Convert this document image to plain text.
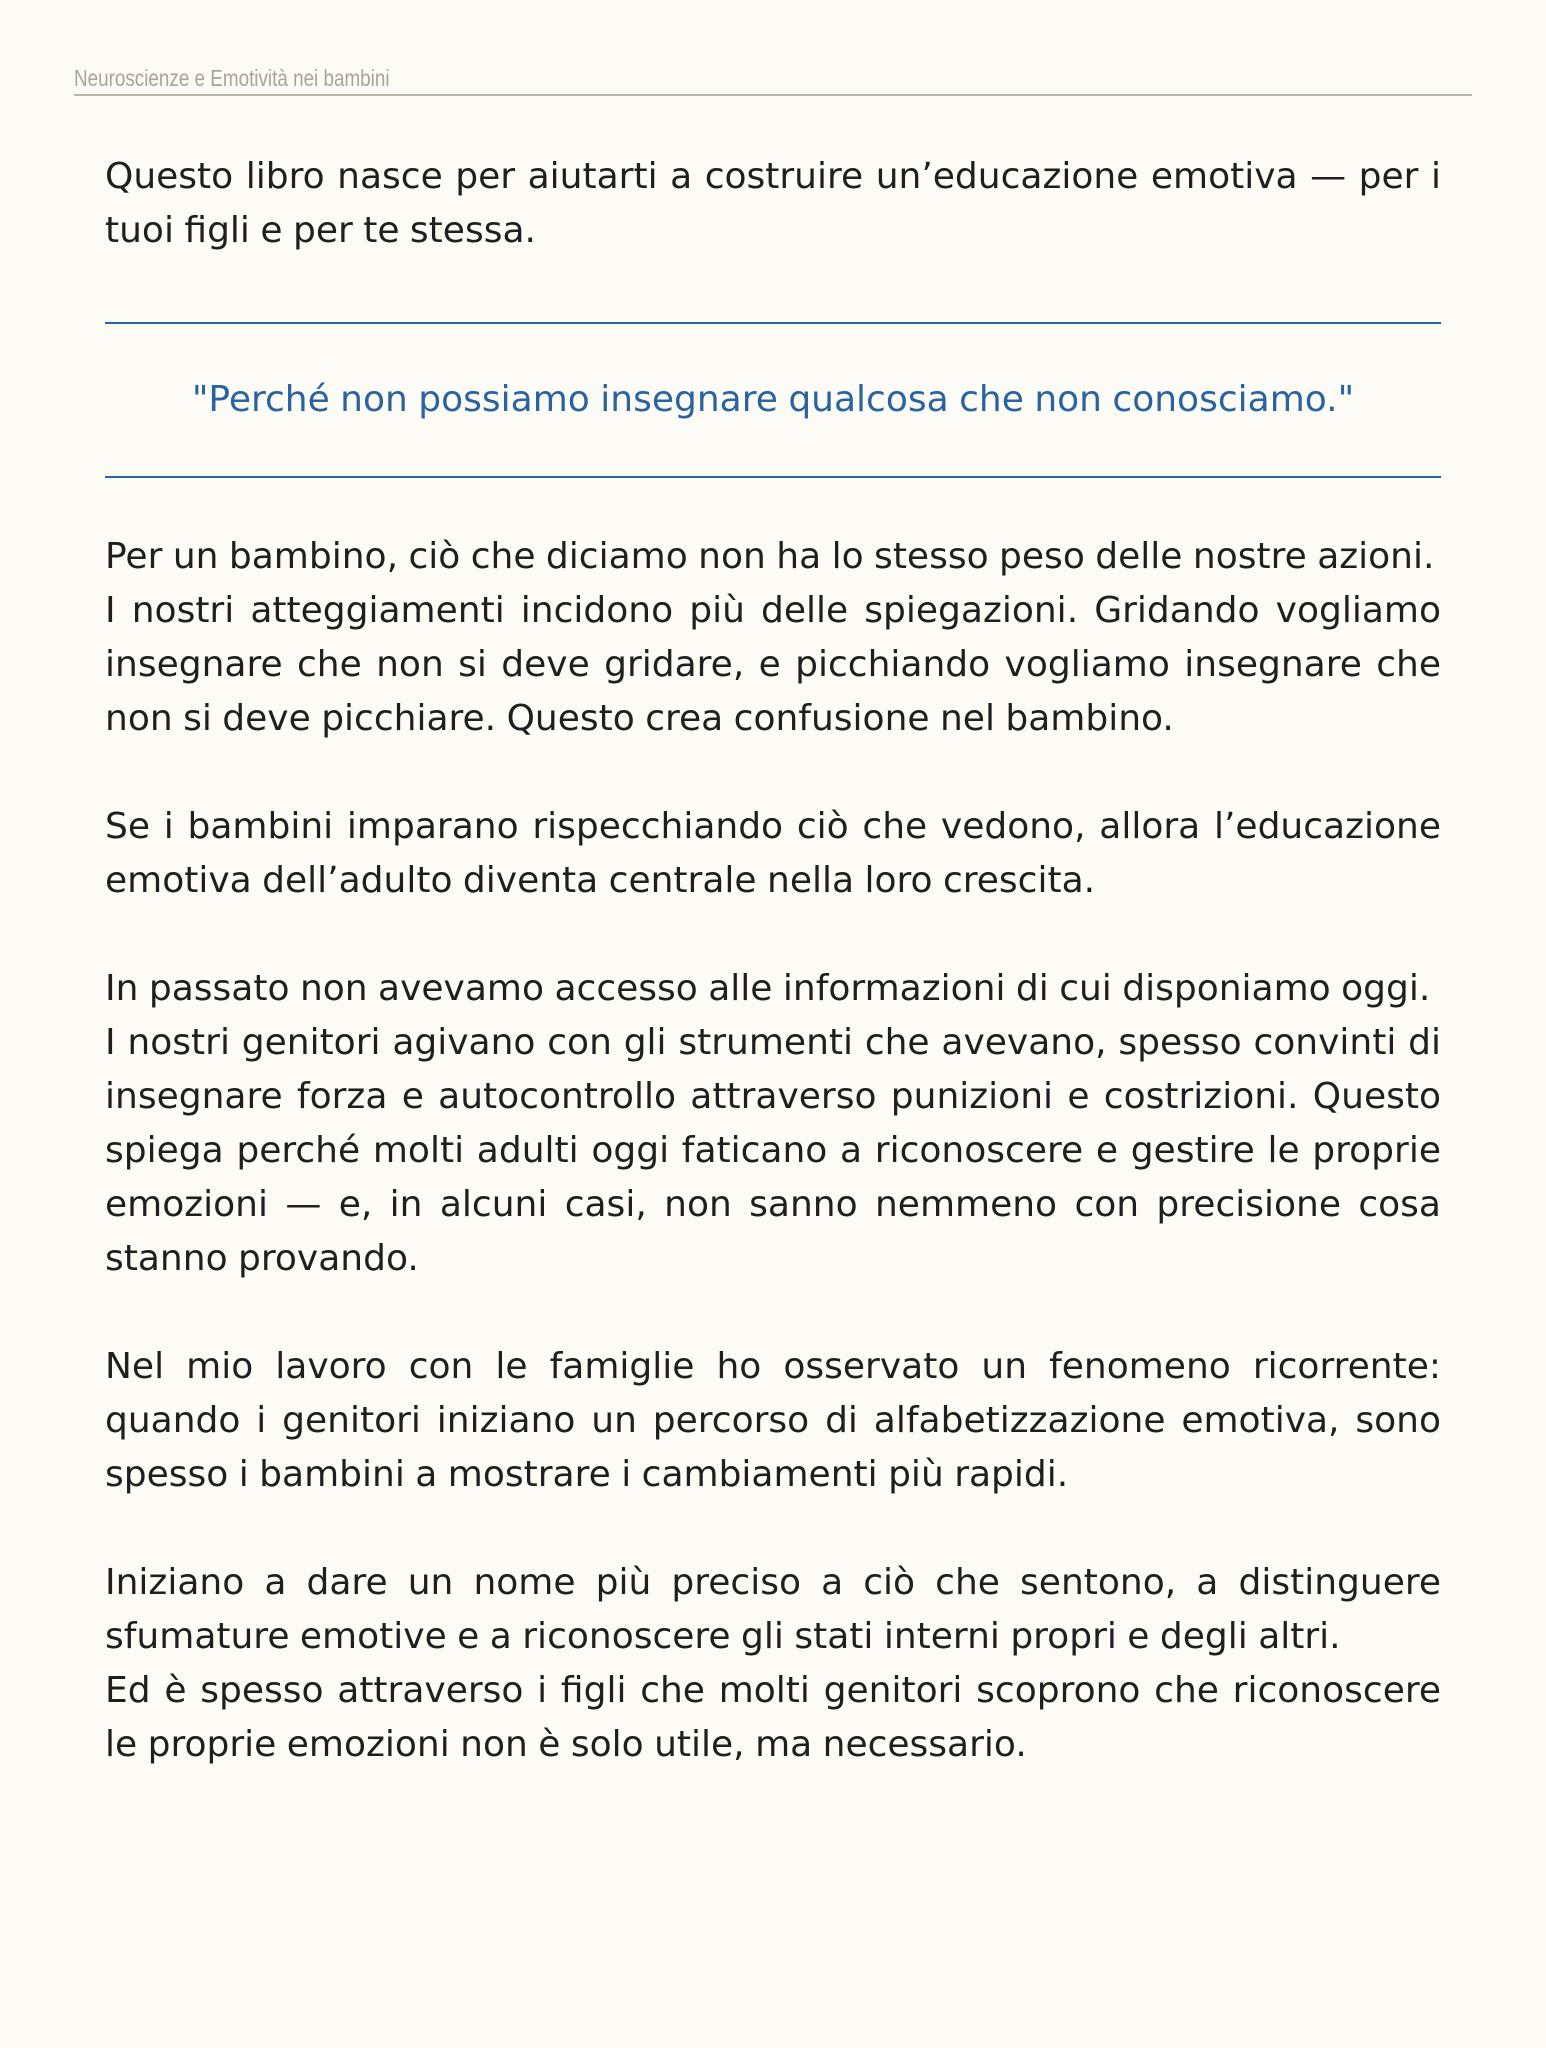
Neuroscienze e Emotività nei bambini

Questo libro nasce per aiutarti a costruire un’educazione emotiva — per i tuoi figli e per te stessa.

"Perché non possiamo insegnare qualcosa che non conosciamo."

Per un bambino, ciò che diciamo non ha lo stesso peso delle nostre azioni.
I nostri atteggiamenti incidono più delle spiegazioni. Gridando vogliamo insegnare che non si deve gridare, e picchiando vogliamo insegnare che non si deve picchiare. Questo crea confusione nel bambino.

Se i bambini imparano rispecchiando ciò che vedono, allora l’educazione emotiva dell’adulto diventa centrale nella loro crescita.

In passato non avevamo accesso alle informazioni di cui disponiamo oggi.
I nostri genitori agivano con gli strumenti che avevano, spesso convinti di insegnare forza e autocontrollo attraverso punizioni e costrizioni. Questo spiega perché molti adulti oggi faticano a riconoscere e gestire le proprie emozioni — e, in alcuni casi, non sanno nemmeno con precisione cosa stanno provando.

Nel mio lavoro con le famiglie ho osservato un fenomeno ricorrente: quando i genitori iniziano un percorso di alfabetizzazione emotiva, sono spesso i bambini a mostrare i cambiamenti più rapidi.

Iniziano a dare un nome più preciso a ciò che sentono, a distinguere sfumature emotive e a riconoscere gli stati interni propri e degli altri.
Ed è spesso attraverso i figli che molti genitori scoprono che riconoscere le proprie emozioni non è solo utile, ma necessario.
